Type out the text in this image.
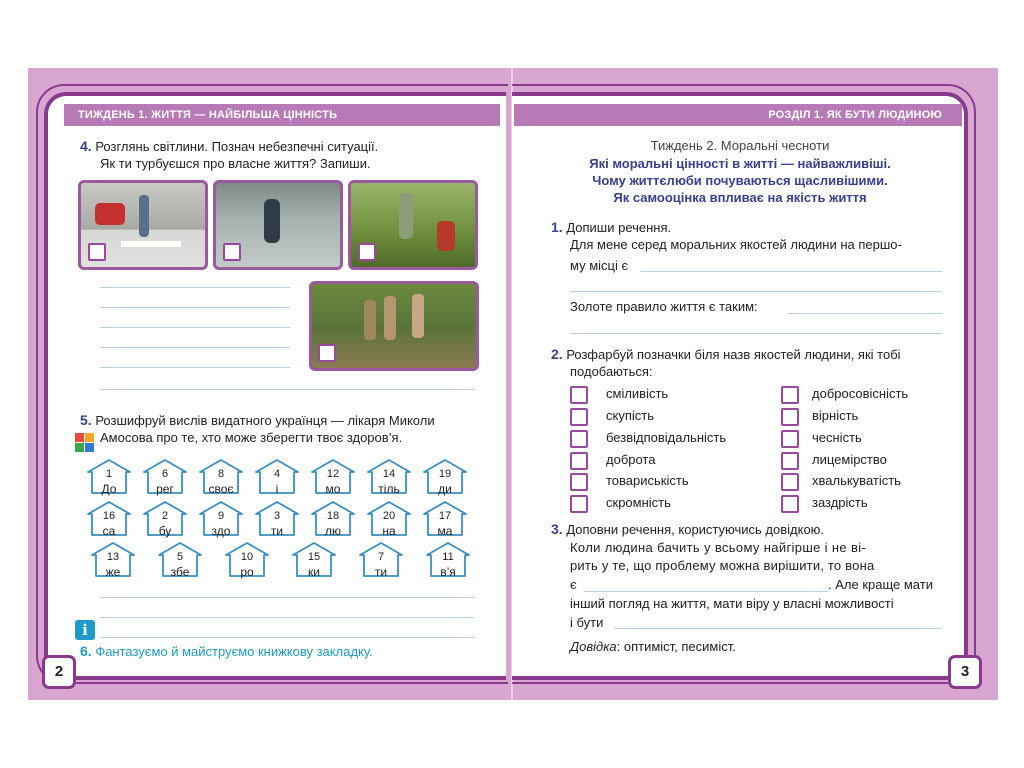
ТИЖДЕНЬ 1. ЖИТТЯ — НАЙБІЛЬША ЦІННІСТЬ	РОЗДІЛ 1. ЯК БУТИ ЛЮДИНОЮ
4. Розглянь світлини. Познач небезпечні ситуації.
Як ти турбуєшся про власне життя? Запиши.
5. Розшифруй вислів видатного українця — лікаря Миколи
Амосова про те, хто може зберегти твоє здоров’я.
1
До
6
рег
8
своє
4
і
12
мо
14
тіль
19
ди
16
са
2
бу
9
здо
3
ти
18
лю
20
на
17
ма
13
же
5
збе
10
ро
15
ки
7
ти
11
в’я
i
6. Фантазуємо й майструємо книжкову закладку.
2
Тиждень 2. Моральні чесноти
Які моральні цінності в житті — найважливіші.
Чому життєлюби почуваються щасливішими.
Як самооцінка впливає на якість життя
1. Допиши речення.
Для мене серед моральних якостей людини на першо-
му місці є
Золоте правило життя є таким:
2. Розфарбуй позначки біля назв якостей людини, які тобі
подобаються:
сміливість
скупість
безвідповідальність
доброта
товариськість
скромність
добросовісність
вірність
чесність
лицемірство
хвалькуватість
заздрість
3. Доповни речення, користуючись довідкою.
Коли людина бачить у всьому найгірше і не ві-
рить у те, що проблему можна вирішити, то вона
є	. Але краще мати
інший погляд на життя, мати віру у власні можливості
і бути
Довідка: оптиміст, песиміст.
3
